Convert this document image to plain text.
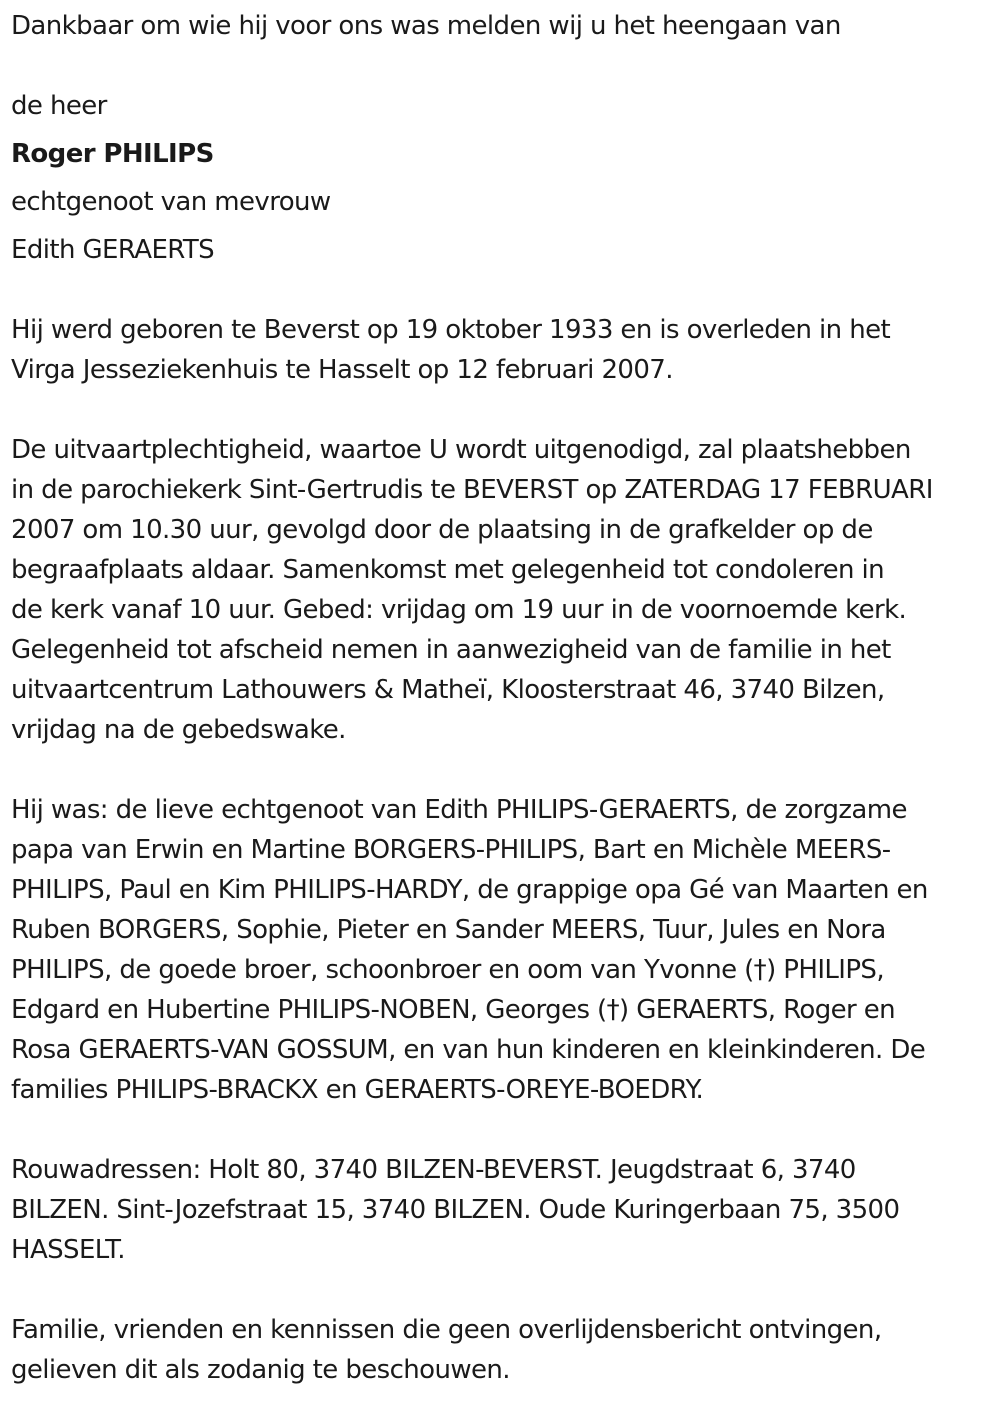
Dankbaar om wie hij voor ons was melden wij u het heengaan van

de heer

Roger PHILIPS

echtgenoot van mevrouw

Edith GERAERTS

Hij werd geboren te Beverst op 19 oktober 1933 en is overleden in het
Virga Jesseziekenhuis te Hasselt op 12 februari 2007.

De uitvaartplechtigheid, waartoe U wordt uitgenodigd, zal plaatshebben
in de parochiekerk Sint-Gertrudis te BEVERST op ZATERDAG 17 FEBRUARI
2007 om 10.30 uur, gevolgd door de plaatsing in de grafkelder op de
begraafplaats aldaar. Samenkomst met gelegenheid tot condoleren in
de kerk vanaf 10 uur. Gebed: vrijdag om 19 uur in de voornoemde kerk.
Gelegenheid tot afscheid nemen in aanwezigheid van de familie in het
uitvaartcentrum Lathouwers & Matheï, Kloosterstraat 46, 3740 Bilzen,
vrijdag na de gebedswake.

Hij was: de lieve echtgenoot van Edith PHILIPS-GERAERTS, de zorgzame
papa van Erwin en Martine BORGERS-PHILIPS, Bart en Michèle MEERS-
PHILIPS, Paul en Kim PHILIPS-HARDY, de grappige opa Gé van Maarten en
Ruben BORGERS, Sophie, Pieter en Sander MEERS, Tuur, Jules en Nora
PHILIPS, de goede broer, schoonbroer en oom van Yvonne (†) PHILIPS,
Edgard en Hubertine PHILIPS-NOBEN, Georges (†) GERAERTS, Roger en
Rosa GERAERTS-VAN GOSSUM, en van hun kinderen en kleinkinderen. De
families PHILIPS-BRACKX en GERAERTS-OREYE-BOEDRY.

Rouwadressen: Holt 80, 3740 BILZEN-BEVERST. Jeugdstraat 6, 3740
BILZEN. Sint-Jozefstraat 15, 3740 BILZEN. Oude Kuringerbaan 75, 3500
HASSELT.

Familie, vrienden en kennissen die geen overlijdensbericht ontvingen,
gelieven dit als zodanig te beschouwen.
